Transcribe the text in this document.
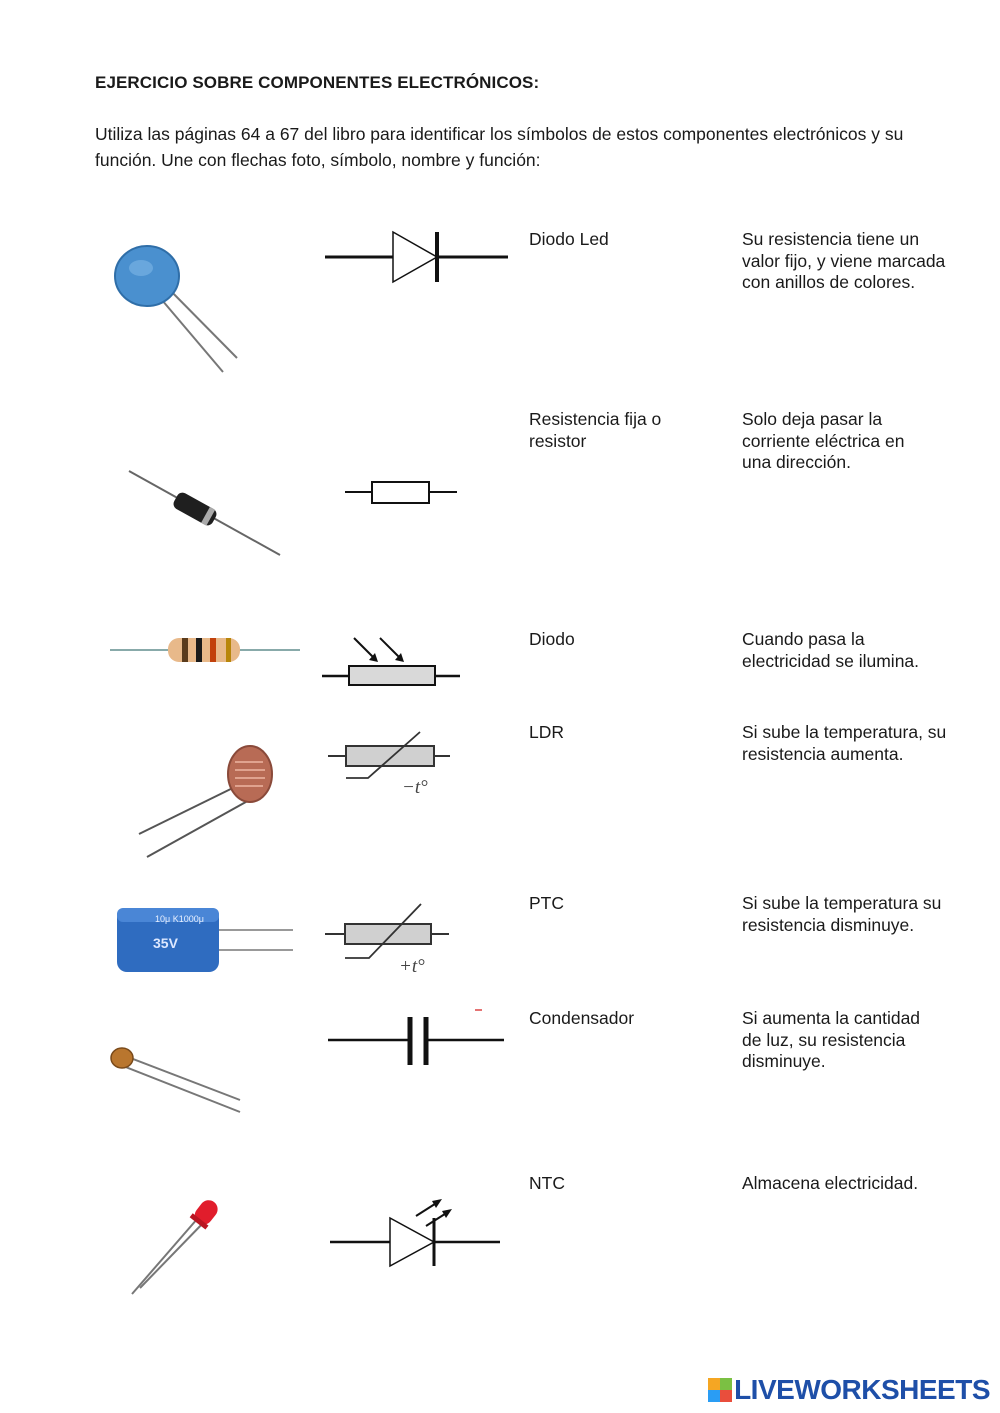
EJERCICIO SOBRE COMPONENTES ELECTRÓNICOS:
Utiliza las páginas 64 a 67 del libro para identificar los símbolos de estos componentes electrónicos y su función. Une con flechas foto, símbolo, nombre y función:
10μ K1000μ
35V
−t°
+t°
Diodo Led
Resistencia fija o resistor
Diodo
LDR
PTC
Condensador
NTC
Su resistencia tiene un valor fijo, y viene marcada con anillos de colores.
Solo deja pasar la corriente eléctrica en una dirección.
Cuando pasa la electricidad se ilumina.
Si sube la temperatura, su resistencia aumenta.
Si sube la temperatura su resistencia disminuye.
Si aumenta la cantidad de luz, su resistencia disminuye.
Almacena electricidad.
LIVEWORKSHEETS
